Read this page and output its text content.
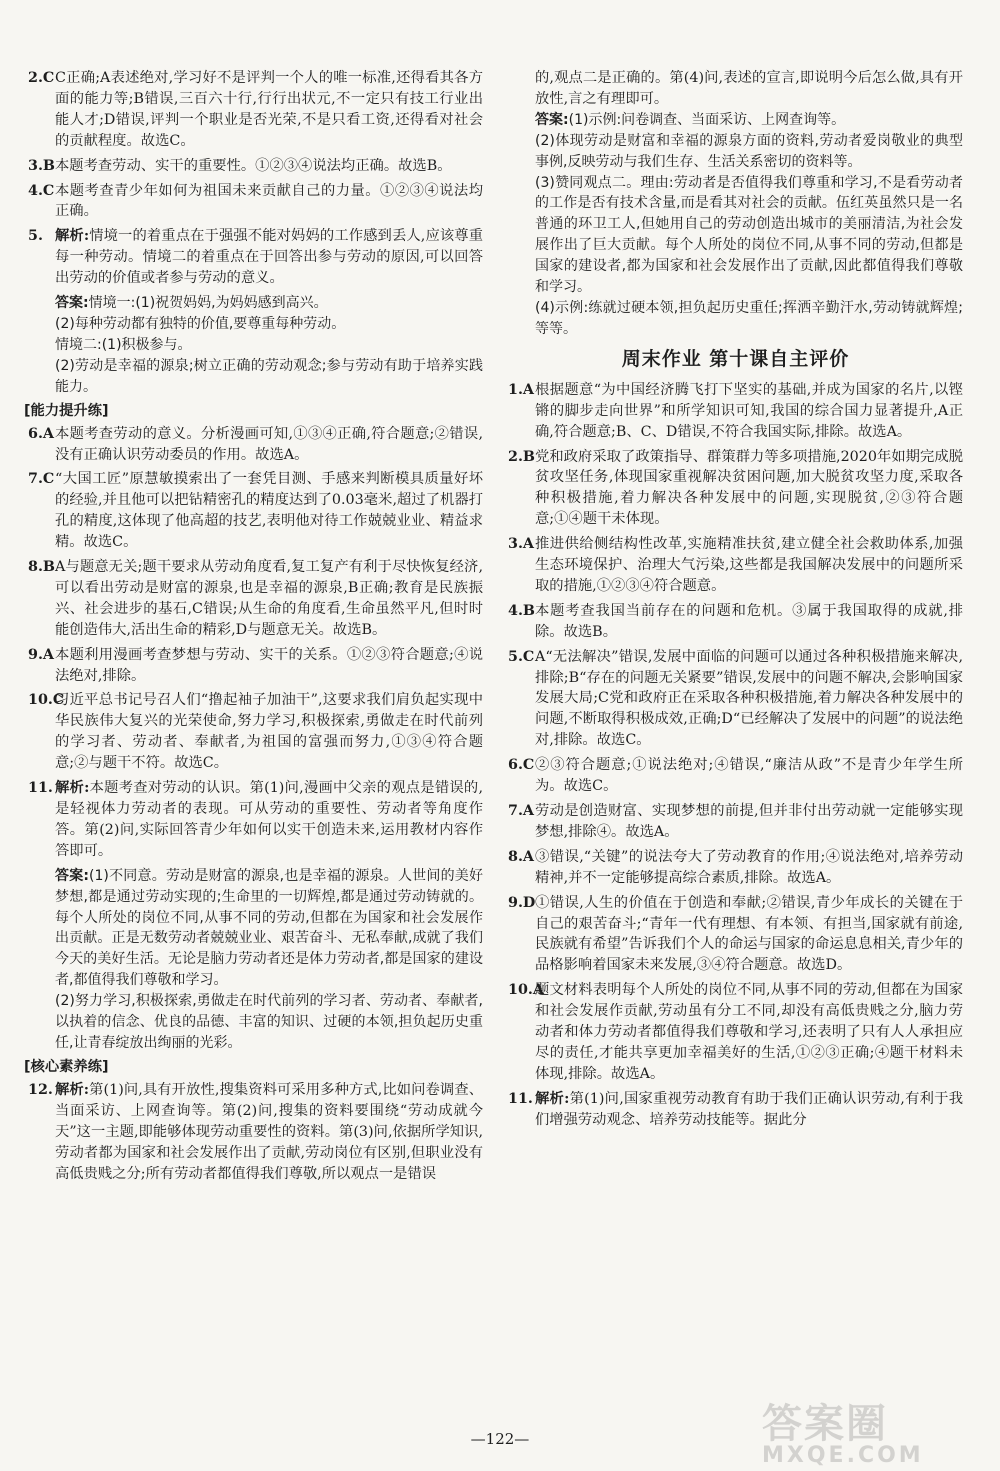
2.C C正确;A表述绝对,学习好不是评判一个人的唯一标准,还得看其各方面的能力等;B错误,三百六十行,行行出状元,不一定只有技工行业出能人才;D错误,评判一个职业是否光荣,不是只看工资,还得看对社会的贡献程度。故选C。

3.B 本题考查劳动、实干的重要性。①②③④说法均正确。故选B。

4.C 本题考查青少年如何为祖国未来贡献自己的力量。①②③④说法均正确。

5. 解析:情境一的着重点在于强强不能对妈妈的工作感到丢人,应该尊重每一种劳动。情境二的着重点在于回答出参与劳动的原因,可以回答出劳动的价值或者参与劳动的意义。

答案:情境一:(1)祝贺妈妈,为妈妈感到高兴。

(2)每种劳动都有独特的价值,要尊重每种劳动。

情境二:(1)积极参与。

(2)劳动是幸福的源泉;树立正确的劳动观念;参与劳动有助于培养实践能力。

[能力提升练]
6.A 本题考查劳动的意义。分析漫画可知,①③④正确,符合题意;②错误,没有正确认识劳动委员的作用。故选A。

7.C “大国工匠”原慧敏摸索出了一套凭目测、手感来判断模具质量好坏的经验,并且他可以把钻精密孔的精度达到了0.03毫米,超过了机器打孔的精度,这体现了他高超的技艺,表明他对待工作兢兢业业、精益求精。故选C。

8.B A与题意无关;题干要求从劳动角度看,复工复产有利于尽快恢复经济,可以看出劳动是财富的源泉,也是幸福的源泉,B正确;教育是民族振兴、社会进步的基石,C错误;从生命的角度看,生命虽然平凡,但时时能创造伟大,活出生命的精彩,D与题意无关。故选B。

9.A 本题利用漫画考查梦想与劳动、实干的关系。①②③符合题意;④说法绝对,排除。

10.C

习近平总书记号召人们“撸起袖子加油干”,这要求我们肩负起实现中华民族伟大复兴的光荣使命,努力学习,积极探索,勇做走在时代前列的学习者、劳动者、奉献者,为祖国的富强而努力,①③④符合题意;②与题干不符。故选C。

11. 解析:本题考查对劳动的认识。第(1)问,漫画中父亲的观点是错误的,是轻视体力劳动者的表现。可从劳动的重要性、劳动者等角度作答。第(2)问,实际回答青少年如何以实干创造未来,运用教材内容作答即可。

答案:(1)不同意。劳动是财富的源泉,也是幸福的源泉。人世间的美好梦想,都是通过劳动实现的;生命里的一切辉煌,都是通过劳动铸就的。每个人所处的岗位不同,从事不同的劳动,但都在为国家和社会发展作出贡献。正是无数劳动者兢兢业业、艰苦奋斗、无私奉献,成就了我们今天的美好生活。无论是脑力劳动者还是体力劳动者,都是国家的建设者,都值得我们尊敬和学习。

(2)努力学习,积极探索,勇做走在时代前列的学习者、劳动者、奉献者,以执着的信念、优良的品德、丰富的知识、过硬的本领,担负起历史重任,让青春绽放出绚丽的光彩。

[核心素养练]
12. 解析:第(1)问,具有开放性,搜集资料可采用多种方式,比如问卷调查、当面采访、上网查询等。第(2)问,搜集的资料要围绕“劳动成就今天”这一主题,即能够体现劳动重要性的资料。第(3)问,依据所学知识,劳动者都为国家和社会发展作出了贡献,劳动岗位有区别,但职业没有高低贵贱之分;所有劳动者都值得我们尊敬,所以观点一是错误

的,观点二是正确的。第(4)问,表述的宣言,即说明今后怎么做,具有开放性,言之有理即可。

答案:(1)示例:问卷调查、当面采访、上网查询等。

(2)体现劳动是财富和幸福的源泉方面的资料,劳动者爱岗敬业的典型事例,反映劳动与我们生存、生活关系密切的资料等。

(3)赞同观点二。理由:劳动者是否值得我们尊重和学习,不是看劳动者的工作是否有技术含量,而是看其对社会的贡献。伍红英虽然只是一名普通的环卫工人,但她用自己的劳动创造出城市的美丽清洁,为社会发展作出了巨大贡献。每个人所处的岗位不同,从事不同的劳动,但都是国家的建设者,都为国家和社会发展作出了贡献,因此都值得我们尊敬和学习。

(4)示例:练就过硬本领,担负起历史重任;挥洒辛勤汗水,劳动铸就辉煌;等等。

周末作业 第十课自主评价
1.A 根据题意“为中国经济腾飞打下坚实的基础,并成为国家的名片,以铿锵的脚步走向世界”和所学知识可知,我国的综合国力显著提升,A正确,符合题意;B、C、D错误,不符合我国实际,排除。故选A。

2.B 党和政府采取了政策指导、群策群力等多项措施,2020年如期完成脱贫攻坚任务,体现国家重视解决贫困问题,加大脱贫攻坚力度,采取各种积极措施,着力解决各种发展中的问题,实现脱贫,②③符合题意;①④题干未体现。

3.A 推进供给侧结构性改革,实施精准扶贫,建立健全社会救助体系,加强生态环境保护、治理大气污染,这些都是我国解决发展中的问题所采取的措施,①②③④符合题意。

4.B 本题考查我国当前存在的问题和危机。③属于我国取得的成就,排除。故选B。

5.C A“无法解决”错误,发展中面临的问题可以通过各种积极措施来解决,排除;B“存在的问题无关紧要”错误,发展中的问题不解决,会影响国家发展大局;C党和政府正在采取各种积极措施,着力解决各种发展中的问题,不断取得积极成效,正确;D“已经解决了发展中的问题”的说法绝对,排除。故选C。

6.C ②③符合题意;①说法绝对;④错误,“廉洁从政”不是青少年学生所为。故选C。

7.A 劳动是创造财富、实现梦想的前提,但并非付出劳动就一定能够实现梦想,排除④。故选A。

8.A ③错误,“关键”的说法夸大了劳动教育的作用;④说法绝对,培养劳动精神,并不一定能够提高综合素质,排除。故选A。

9.D ①错误,人生的价值在于创造和奉献;②错误,青少年成长的关键在于自己的艰苦奋斗;“青年一代有理想、有本领、有担当,国家就有前途,民族就有希望”告诉我们个人的命运与国家的命运息息相关,青少年的品格影响着国家未来发展,③④符合题意。故选D。

10.A

题文材料表明每个人所处的岗位不同,从事不同的劳动,但都在为国家和社会发展作贡献,劳动虽有分工不同,却没有高低贵贱之分,脑力劳动者和体力劳动者都值得我们尊敬和学习,还表明了只有人人承担应尽的责任,才能共享更加幸福美好的生活,①②③正确;④题干材料未体现,排除。故选A。

11. 解析:第(1)问,国家重视劳动教育有助于我们正确认识劳动,有利于我们增强劳动观念、培养劳动技能等。据此分

—122—	答案圈
MXQE.COM
